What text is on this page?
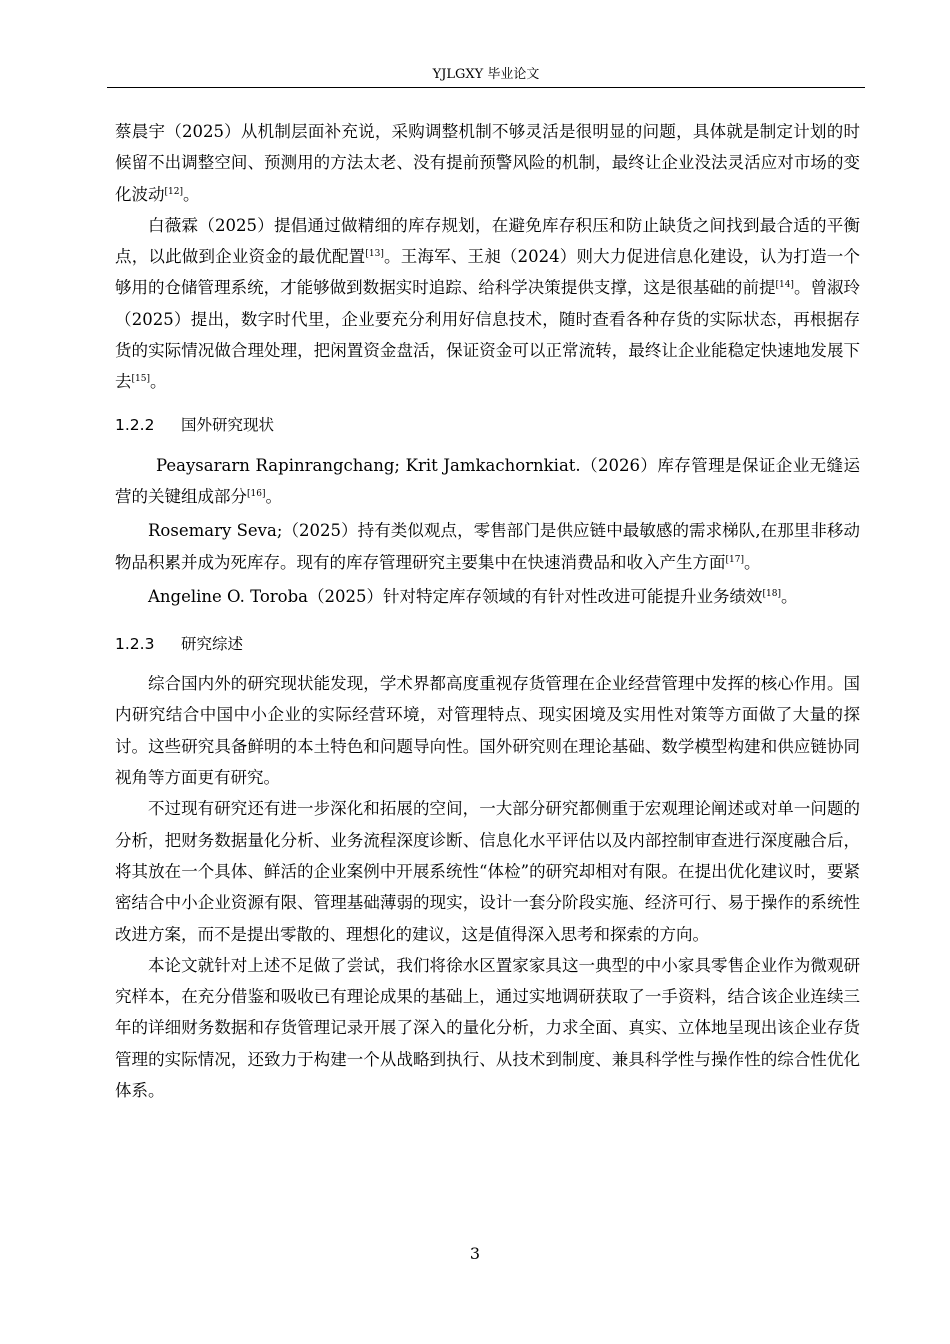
YJLGXY 毕业论文

蔡晨宇（2025）从机制层面补充说，采购调整机制不够灵活是很明显的问题，具体就是制定计划的时候留不出调整空间、预测用的方法太老、没有提前预警风险的机制，最终让企业没法灵活应对市场的变化波动[12]。

白薇霖（2025）提倡通过做精细的库存规划，在避免库存积压和防止缺货之间找到最合适的平衡点，以此做到企业资金的最优配置[13]。王海军、王昶（2024）则大力促进信息化建设，认为打造一个够用的仓储管理系统，才能够做到数据实时追踪、给科学决策提供支撑，这是很基础的前提[14]。曾淑玲（2025）提出，数字时代里，企业要充分利用好信息技术，随时查看各种存货的实际状态，再根据存货的实际情况做合理处理，把闲置资金盘活，保证资金可以正常流转，最终让企业能稳定快速地发展下去[15]。

1.2.2 国外研究现状

Peaysararn Rapinrangchang; Krit Jamkachornkiat.（2026）库存管理是保证企业无缝运营的关键组成部分[16]。

Rosemary Seva;（2025）持有类似观点，零售部门是供应链中最敏感的需求梯队,在那里非移动物品积累并成为死库存。现有的库存管理研究主要集中在快速消费品和收入产生方面[17]。

Angeline O. Toroba（2025）针对特定库存领域的有针对性改进可能提升业务绩效[18]。

1.2.3 研究综述

综合国内外的研究现状能发现，学术界都高度重视存货管理在企业经营管理中发挥的核心作用。国内研究结合中国中小企业的实际经营环境，对管理特点、现实困境及实用性对策等方面做了大量的探讨。这些研究具备鲜明的本土特色和问题导向性。国外研究则在理论基础、数学模型构建和供应链协同视角等方面更有研究。

不过现有研究还有进一步深化和拓展的空间，一大部分研究都侧重于宏观理论阐述或对单一问题的分析，把财务数据量化分析、业务流程深度诊断、信息化水平评估以及内部控制审查进行深度融合后，将其放在一个具体、鲜活的企业案例中开展系统性“体检”的研究却相对有限。在提出优化建议时，要紧密结合中小企业资源有限、管理基础薄弱的现实，设计一套分阶段实施、经济可行、易于操作的系统性改进方案，而不是提出零散的、理想化的建议，这是值得深入思考和探索的方向。

本论文就针对上述不足做了尝试，我们将徐水区置家家具这一典型的中小家具零售企业作为微观研究样本，在充分借鉴和吸收已有理论成果的基础上，通过实地调研获取了一手资料，结合该企业连续三年的详细财务数据和存货管理记录开展了深入的量化分析，力求全面、真实、立体地呈现出该企业存货管理的实际情况，还致力于构建一个从战略到执行、从技术到制度、兼具科学性与操作性的综合性优化体系。

3
